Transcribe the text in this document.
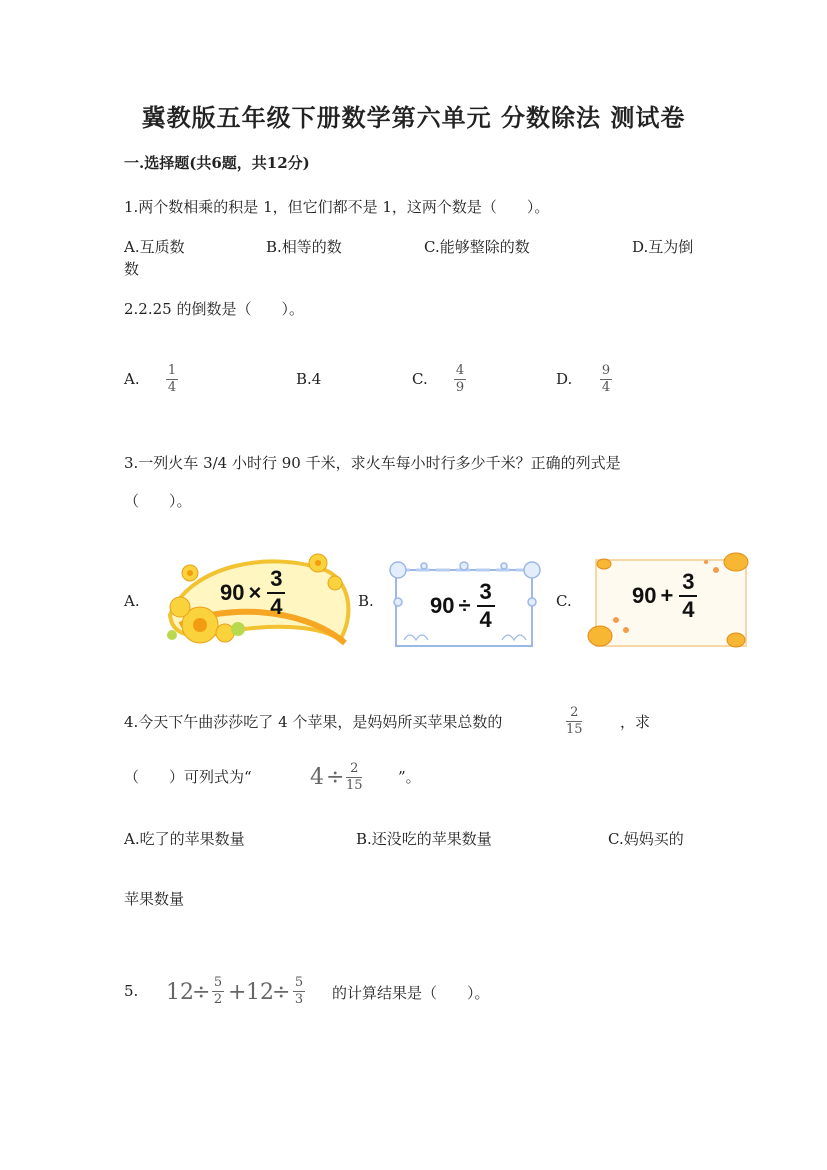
冀教版五年级下册数学第六单元 分数除法 测试卷
一.选择题(共6题，共12分)
1.两个数相乘的积是 1，但它们都不是 1，这两个数是（　　）。
A.互质数	B.相等的数	C.能够整除的数	D.互为倒
数
2.2.25 的倒数是（　　）。
A. 1
4	B.4	C. 4
9	D. 9
4
3.一列火车 3/4 小时行 90 千米，求火车每小时行多少千米？正确的列式是
（　　）。
A.	90 ×
3
4	B.	90 ÷
3
4
C.	90 +
3
4
4.今天下午曲莎莎吃了 4 个苹果，是妈妈所买苹果总数的
2
15 ，求
（　　）可列式为“	4 ÷ 2
15 ”。
A.吃了的苹果数量	B.还没吃的苹果数量	C.妈妈买的
苹果数量
5. 12
÷ 5
2 + 12
÷ 5
3 的计算结果是（　　）。
